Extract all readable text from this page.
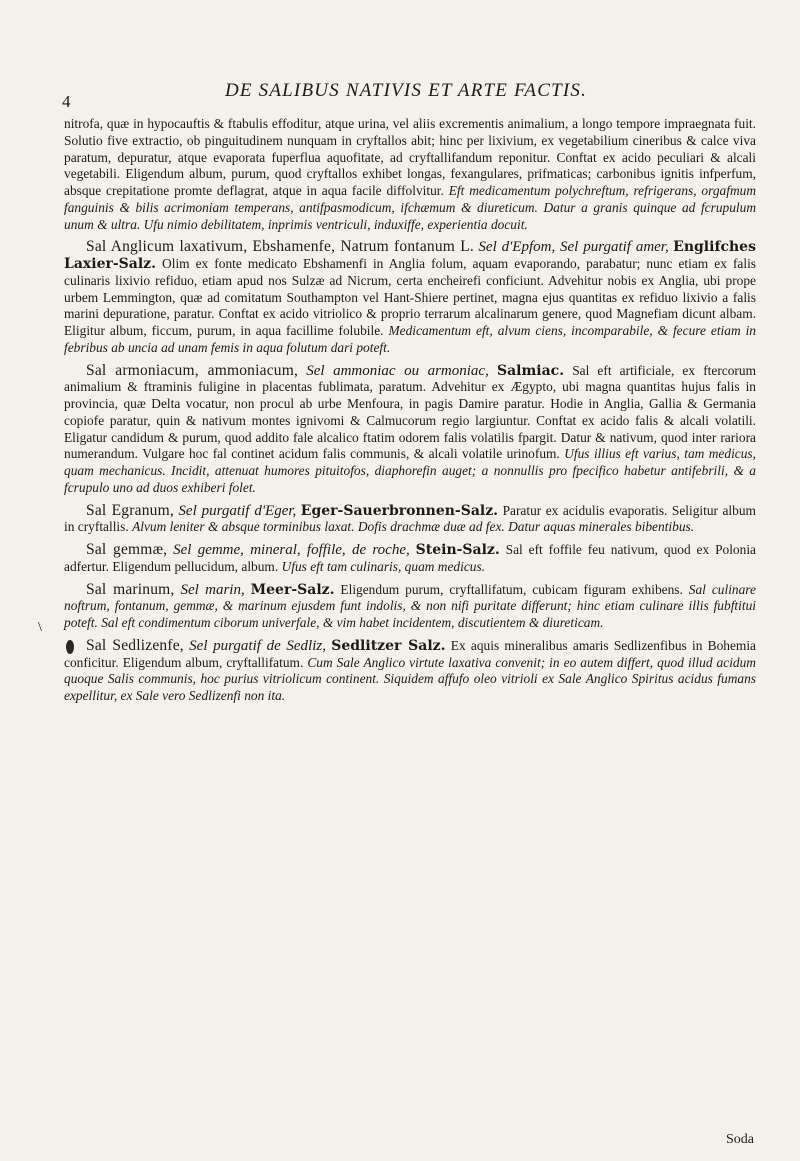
4
DE SALIBUS NATIVIS ET ARTE FACTIS.
\

nitrofa, quæ in hypocauftis & ftabulis effoditur, atque urina, vel aliis excrementis animalium, a longo tempore impraegnata fuit. Solutio five extractio, ob pinguitudinem nunquam in cryftallos abit; hinc per lixivium, ex vegetabilium cineribus & calce viva paratum, depuratur, atque evaporata fuperflua aquofitate, ad cryftallifandum reponitur. Conftat ex acido peculiari & alcali vegetabili. Eligendum album, purum, quod cryftallos exhibet longas, fexangulares, prifmaticas; carbonibus ignitis infperfum, absque crepitatione promte deflagrat, atque in aqua facile diffolvitur. Eft medicamentum polychreftum, refrigerans, orgafmum fanguinis & bilis acrimoniam temperans, antifpasmodicum, ifchæmum & diureticum. Datur a granis quinque ad fcrupulum unum & ultra. Ufu nimio debilitatem, inprimis ventriculi, induxiffe, experientia docuit.

Sal Anglicum laxativum, Ebshamenfe, Natrum fontanum L. Sel d'Epfom, Sel purgatif amer, Englifches Laxier-Salz. Olim ex fonte medicato Ebshamenfi in Anglia folum, aquam evaporando, parabatur; nunc etiam ex falis culinaris lixivio refiduo, etiam apud nos Sulzæ ad Nicrum, certa encheirefi conficiunt. Advehitur nobis ex Anglia, ubi prope urbem Lemmington, quæ ad comitatum Southampton vel Hant-Shiere pertinet, magna ejus quantitas ex refiduo lixivio a falis marini depuratione, paratur. Conftat ex acido vitriolico & proprio terrarum alcalinarum genere, quod Magnefiam dicunt albam. Eligitur album, ficcum, purum, in aqua facillime folubile. Medicamentum eft, alvum ciens, incomparabile, & fecure etiam in febribus ab uncia ad unam femis in aqua folutum dari poteft.

Sal armoniacum, ammoniacum, Sel ammoniac ou armoniac, Salmiac. Sal eft artificiale, ex ftercorum animalium & ftraminis fuligine in placentas fublimata, paratum. Advehitur ex Ægypto, ubi magna quantitas hujus falis in provincia, quæ Delta vocatur, non procul ab urbe Menfoura, in pagis Damire paratur. Hodie in Anglia, Gallia & Germania copiofe paratur, quin & nativum montes ignivomi & Calmucorum regio largiuntur. Conftat ex acido falis & alcali volatili. Eligatur candidum & purum, quod addito fale alcalico ftatim odorem falis volatilis fpargit. Datur & nativum, quod inter rariora numerandum. Vulgare hoc fal continet acidum falis communis, & alcali volatile urinofum. Ufus illius eft varius, tam medicus, quam mechanicus. Incidit, attenuat humores pituitofos, diaphorefin auget; a nonnullis pro fpecifico habetur antifebrili, & a fcrupulo uno ad duos exhiberi folet.

Sal Egranum, Sel purgatif d'Eger, Eger-Sauerbronnen-Salz. Paratur ex acidulis evaporatis. Seligitur album in cryftallis. Alvum leniter & absque torminibus laxat. Dofis drachmæ duæ ad fex. Datur aquas minerales bibentibus.

Sal gemmæ, Sel gemme, mineral, foffile, de roche, Stein-Salz. Sal eft foffile feu nativum, quod ex Polonia adfertur. Eligendum pellucidum, album. Ufus eft tam culinaris, quam medicus.

Sal marinum, Sel marin, Meer-Salz. Eligendum purum, cryftallifatum, cubicam figuram exhibens. Sal culinare noftrum, fontanum, gemmæ, & marinum ejusdem funt indolis, & non nifi puritate differunt; hinc etiam culinare illis fubftitui poteft. Sal eft condimentum ciborum univerfale, & vim habet incidentem, discutientem & diureticam.

Sal Sedlizenfe, Sel purgatif de Sedliz, Sedlitzer Salz. Ex aquis mineralibus amaris Sedlizenfibus in Bohemia conficitur. Eligendum album, cryftallifatum. Cum Sale Anglico virtute laxativa convenit; in eo autem differt, quod illud acidum quoque Salis communis, hoc purius vitriolicum continent. Siquidem affufo oleo vitrioli ex Sale Anglico Spiritus acidus fumans expellitur, ex Sale vero Sedlizenfi non ita.

Soda
